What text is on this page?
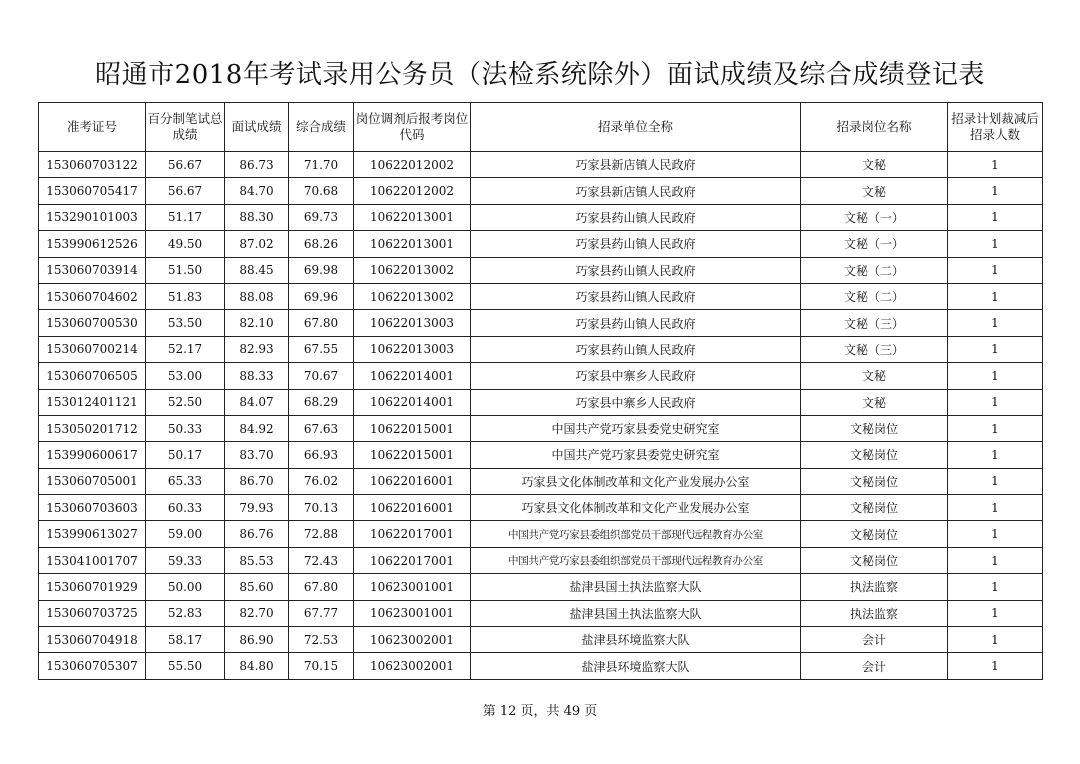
昭通市2018年考试录用公务员（法检系统除外）面试成绩及综合成绩登记表
准考证号	百分制笔试总成绩	面试成绩	综合成绩	岗位调剂后报考岗位代码	招录单位全称	招录岗位名称	招录计划裁减后招录人数
153060703122	56.67	86.73	71.70	10622012002	巧家县新店镇人民政府	文秘	1
153060705417	56.67	84.70	70.68	10622012002	巧家县新店镇人民政府	文秘	1
153290101003	51.17	88.30	69.73	10622013001	巧家县药山镇人民政府	文秘（一）	1
153990612526	49.50	87.02	68.26	10622013001	巧家县药山镇人民政府	文秘（一）	1
153060703914	51.50	88.45	69.98	10622013002	巧家县药山镇人民政府	文秘（二）	1
153060704602	51.83	88.08	69.96	10622013002	巧家县药山镇人民政府	文秘（二）	1
153060700530	53.50	82.10	67.80	10622013003	巧家县药山镇人民政府	文秘（三）	1
153060700214	52.17	82.93	67.55	10622013003	巧家县药山镇人民政府	文秘（三）	1
153060706505	53.00	88.33	70.67	10622014001	巧家县中寨乡人民政府	文秘	1
153012401121	52.50	84.07	68.29	10622014001	巧家县中寨乡人民政府	文秘	1
153050201712	50.33	84.92	67.63	10622015001	中国共产党巧家县委党史研究室	文秘岗位	1
153990600617	50.17	83.70	66.93	10622015001	中国共产党巧家县委党史研究室	文秘岗位	1
153060705001	65.33	86.70	76.02	10622016001	巧家县文化体制改革和文化产业发展办公室	文秘岗位	1
153060703603	60.33	79.93	70.13	10622016001	巧家县文化体制改革和文化产业发展办公室	文秘岗位	1
153990613027	59.00	86.76	72.88	10622017001	中国共产党巧家县委组织部党员干部现代远程教育办公室	文秘岗位	1
153041001707	59.33	85.53	72.43	10622017001	中国共产党巧家县委组织部党员干部现代远程教育办公室	文秘岗位	1
153060701929	50.00	85.60	67.80	10623001001	盐津县国土执法监察大队	执法监察	1
153060703725	52.83	82.70	67.77	10623001001	盐津县国土执法监察大队	执法监察	1
153060704918	58.17	86.90	72.53	10623002001	盐津县环境监察大队	会计	1
153060705307	55.50	84.80	70.15	10623002001	盐津县环境监察大队	会计	1
第 12 页，共 49 页
